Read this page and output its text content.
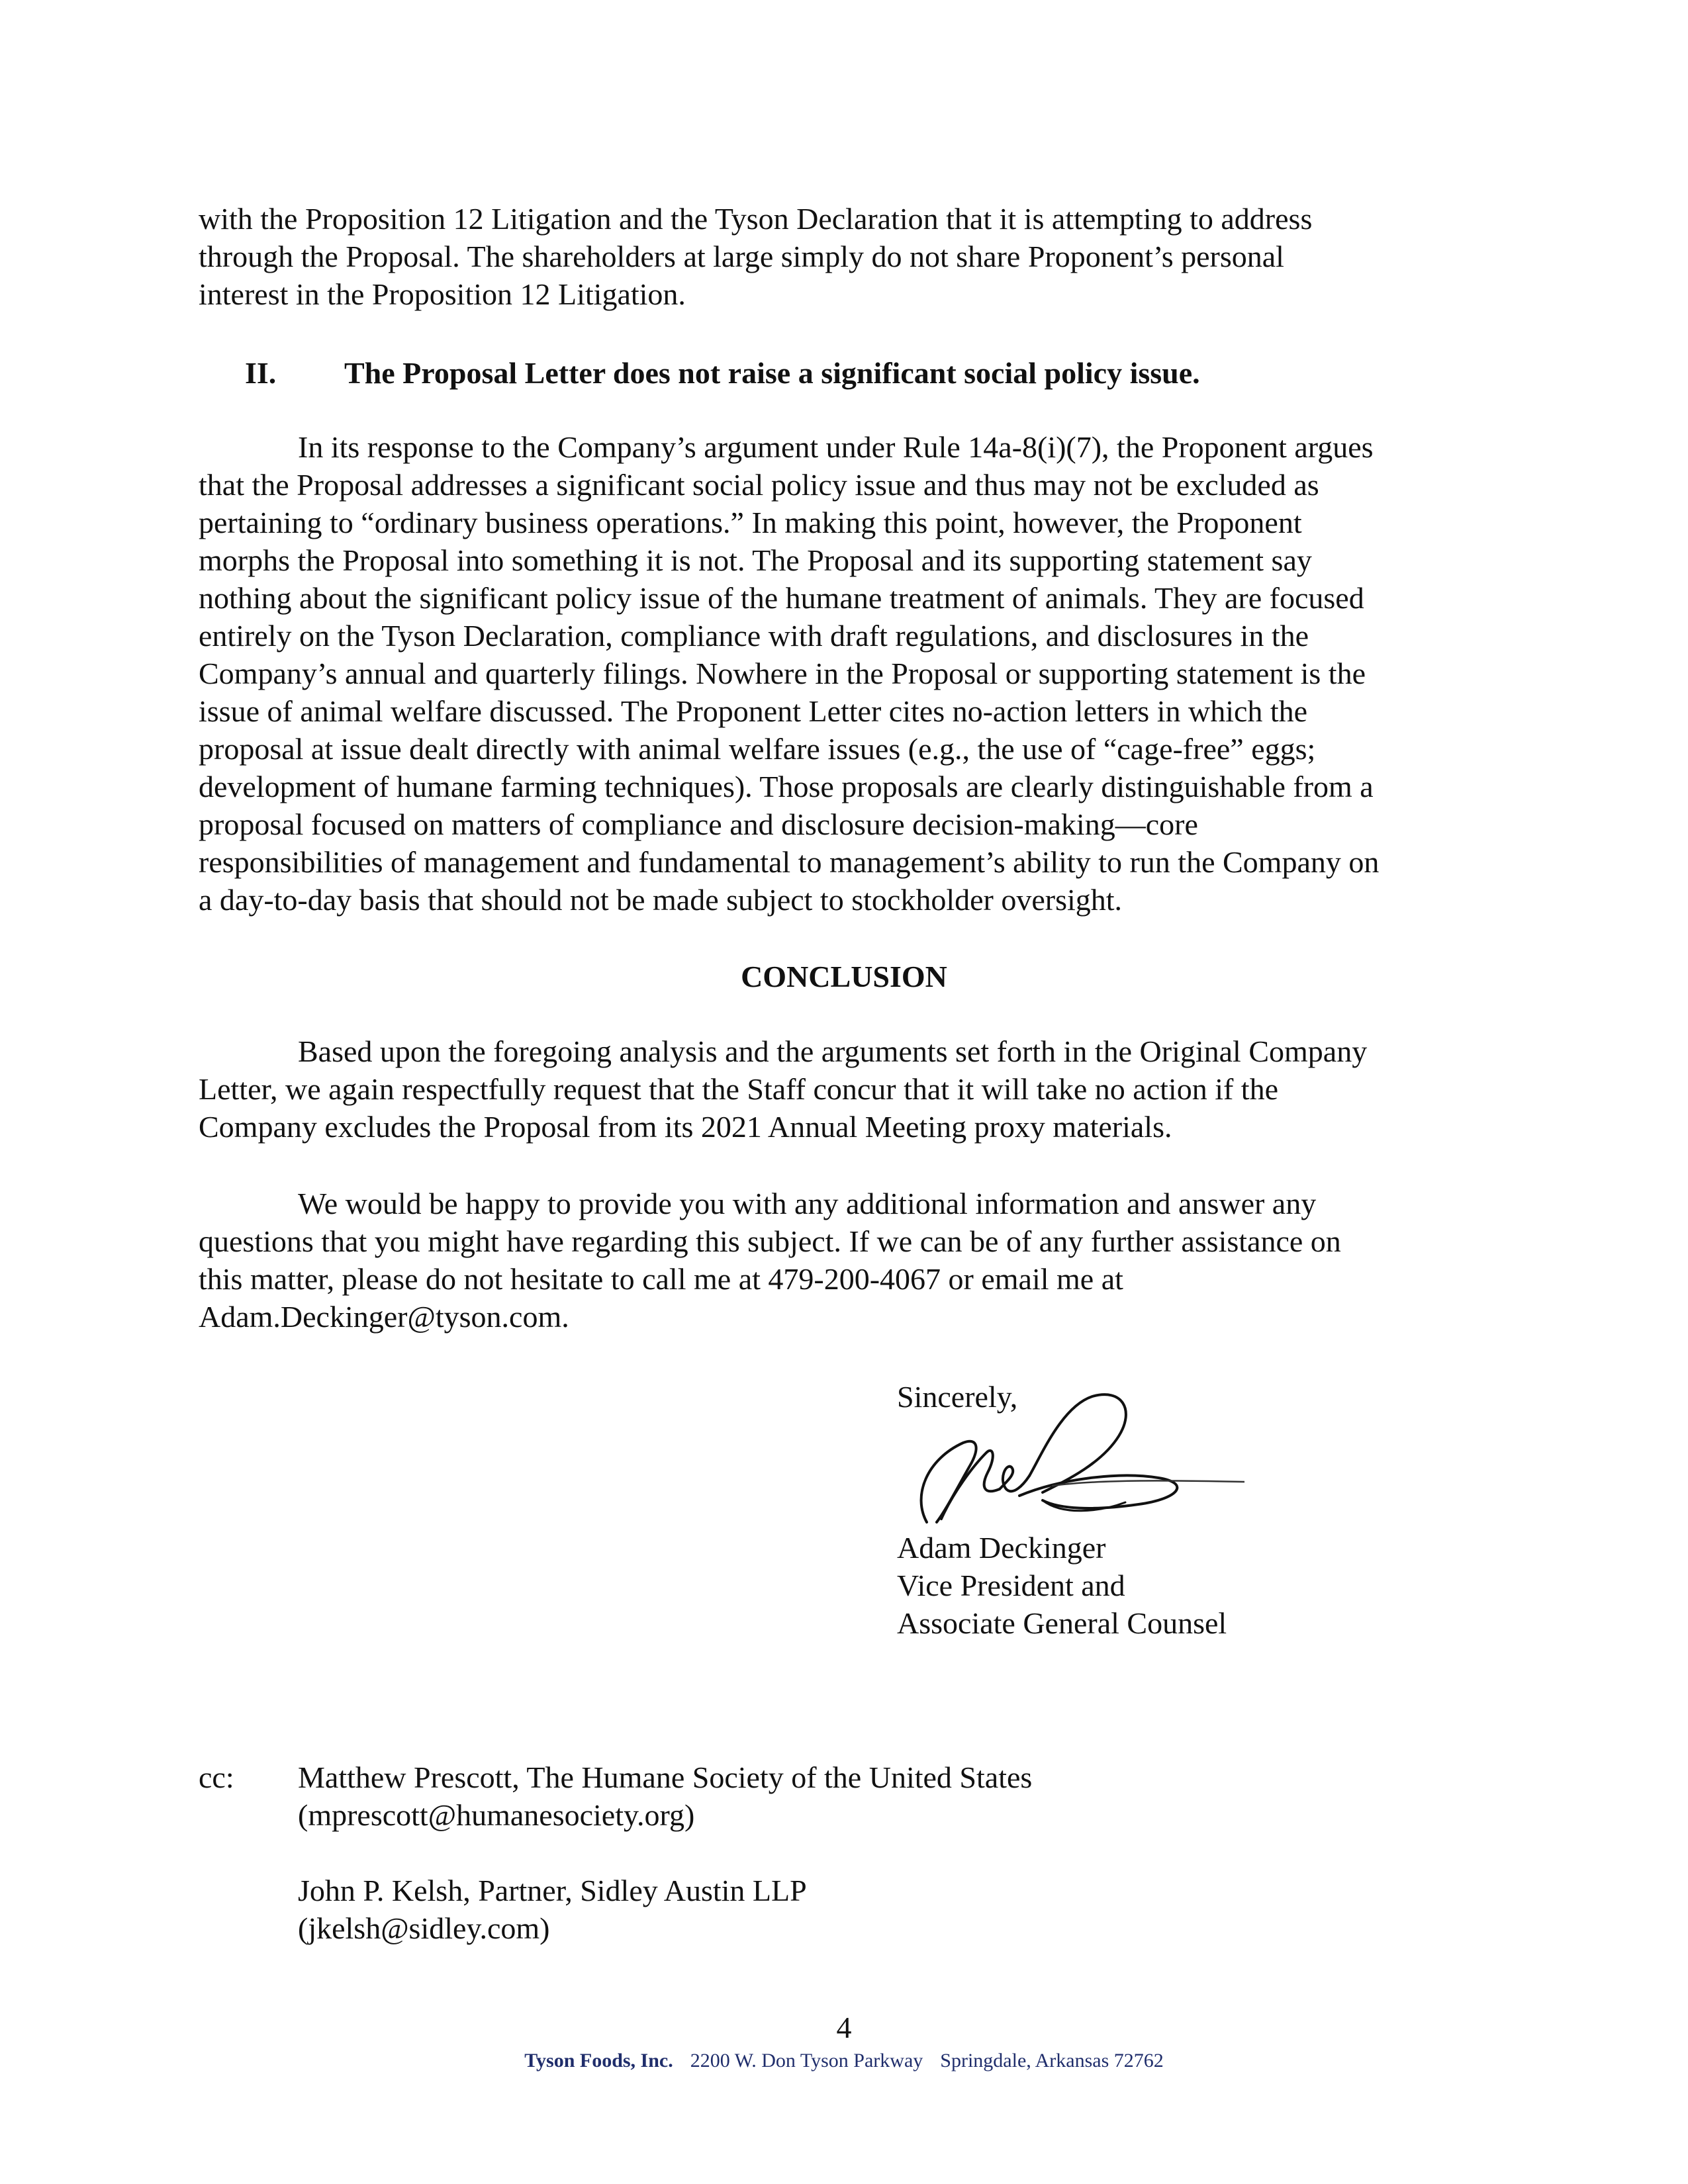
with the Proposition 12 Litigation and the Tyson Declaration that it is attempting to address
through the Proposal. The shareholders at large simply do not share Proponent’s personal
interest in the Proposition 12 Litigation.
II. The Proposal Letter does not raise a significant social policy issue.
In its response to the Company’s argument under Rule 14a-8(i)(7), the Proponent argues
that the Proposal addresses a significant social policy issue and thus may not be excluded as
pertaining to “ordinary business operations.” In making this point, however, the Proponent
morphs the Proposal into something it is not. The Proposal and its supporting statement say
nothing about the significant policy issue of the humane treatment of animals. They are focused
entirely on the Tyson Declaration, compliance with draft regulations, and disclosures in the
Company’s annual and quarterly filings. Nowhere in the Proposal or supporting statement is the
issue of animal welfare discussed. The Proponent Letter cites no-action letters in which the
proposal at issue dealt directly with animal welfare issues (e.g., the use of “cage-free” eggs;
development of humane farming techniques). Those proposals are clearly distinguishable from a
proposal focused on matters of compliance and disclosure decision-making—core
responsibilities of management and fundamental to management’s ability to run the Company on
a day-to-day basis that should not be made subject to stockholder oversight.
CONCLUSION
Based upon the foregoing analysis and the arguments set forth in the Original Company
Letter, we again respectfully request that the Staff concur that it will take no action if the
Company excludes the Proposal from its 2021 Annual Meeting proxy materials.
We would be happy to provide you with any additional information and answer any
questions that you might have regarding this subject. If we can be of any further assistance on
this matter, please do not hesitate to call me at 479-200-4067 or email me at
Adam.Deckinger@tyson.com.
Sincerely,
Adam Deckinger
Vice President and
Associate General Counsel
cc: Matthew Prescott, The Humane Society of the United States
(mprescott@humanesociety.org)
John P. Kelsh, Partner, Sidley Austin LLP
(jkelsh@sidley.com)
4
Tyson Foods, Inc. 2200 W. Don Tyson Parkway Springdale, Arkansas 72762
